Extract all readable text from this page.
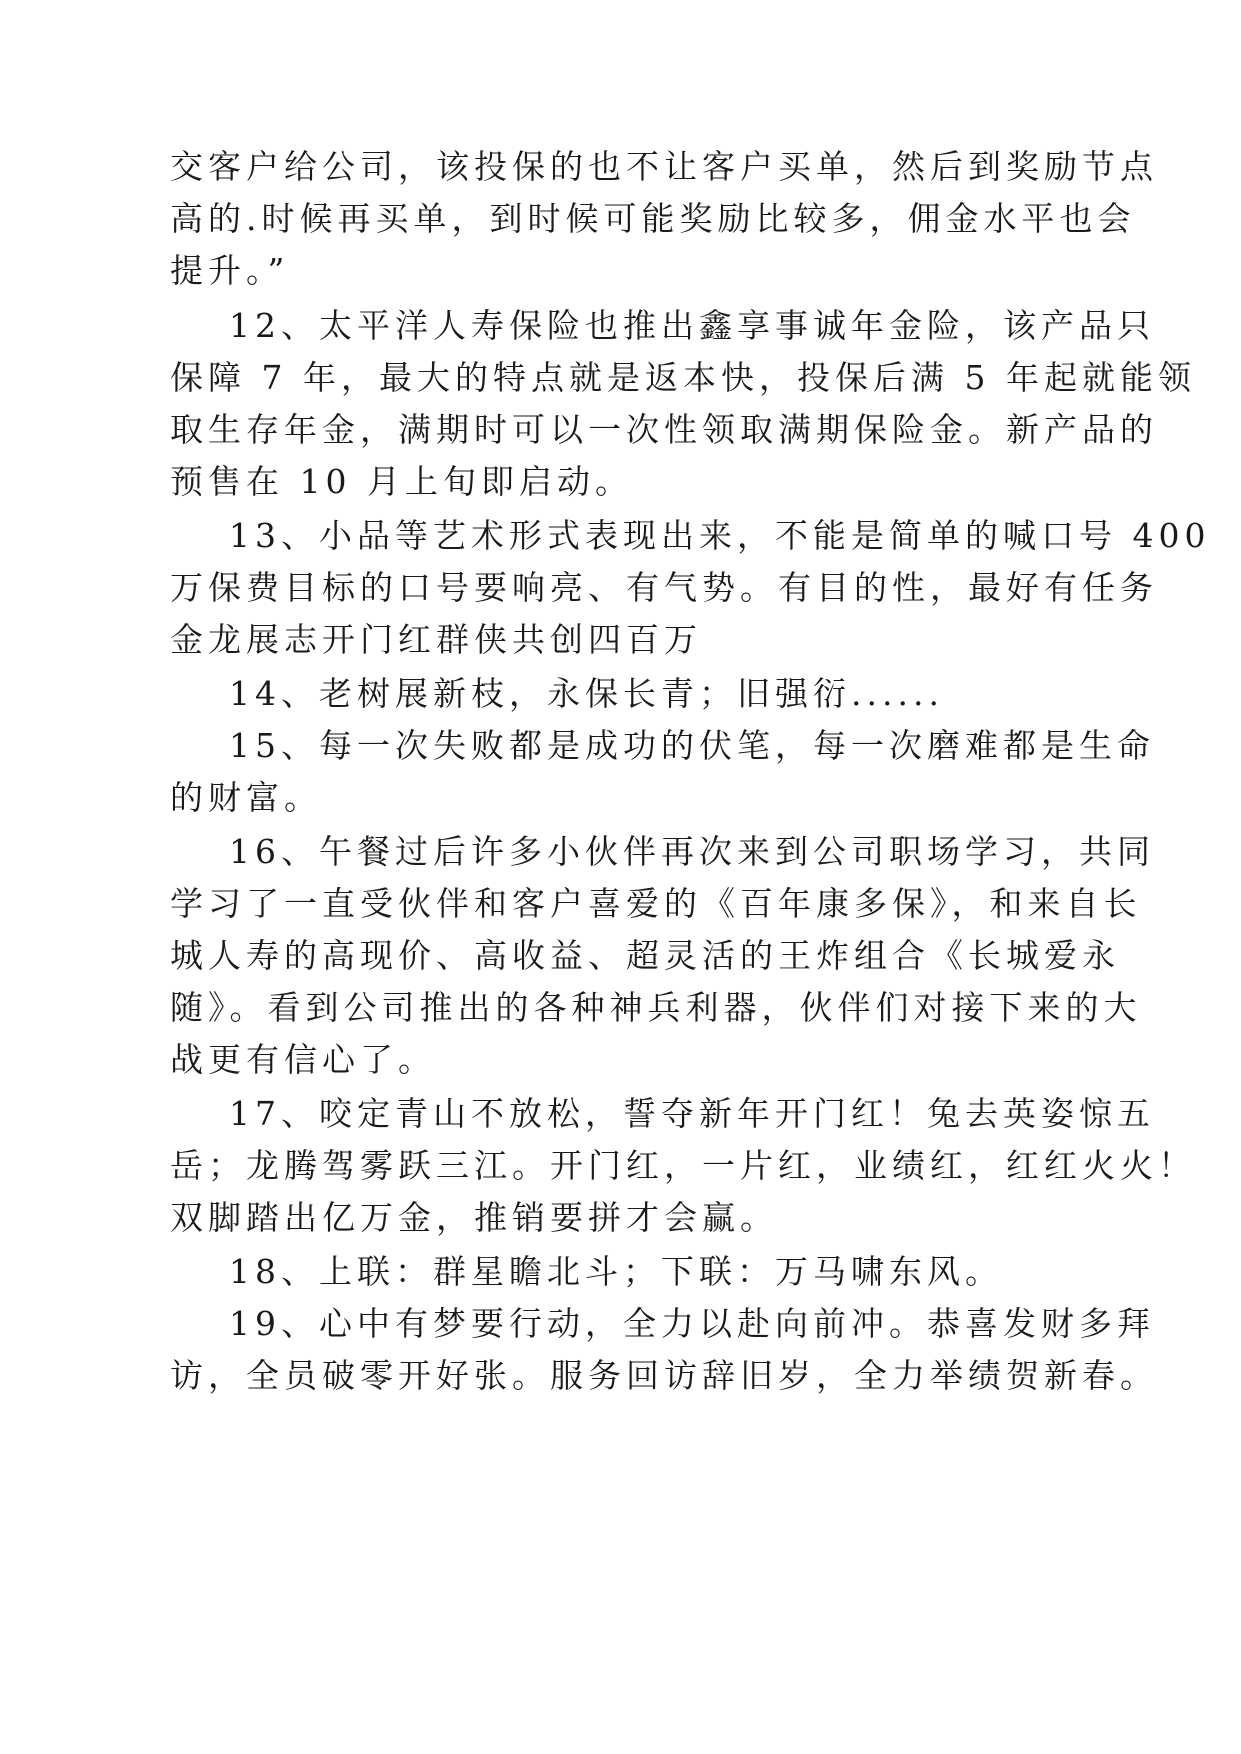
交客户给公司，该投保的也不让客户买单，然后到奖励节点
高的.时候再买单，到时候可能奖励比较多，佣金水平也会
提升。”
12、太平洋人寿保险也推出鑫享事诚年金险，该产品只
保障 7 年，最大的特点就是返本快，投保后满 5 年起就能领
取生存年金，满期时可以一次性领取满期保险金。新产品的
预售在 10 月上旬即启动。
13、小品等艺术形式表现出来，不能是简单的喊口号 400
万保费目标的口号要响亮、有气势。有目的性，最好有任务
金龙展志开门红群侠共创四百万
14、老树展新枝，永保长青；旧强衍......
15、每一次失败都是成功的伏笔，每一次磨难都是生命
的财富。
16、午餐过后许多小伙伴再次来到公司职场学习，共同
学习了一直受伙伴和客户喜爱的《百年康多保》，和来自长
城人寿的高现价、高收益、超灵活的王炸组合《长城爱永
随》。看到公司推出的各种神兵利器，伙伴们对接下来的大
战更有信心了。
17、咬定青山不放松，誓夺新年开门红！兔去英姿惊五
岳；龙腾驾雾跃三江。开门红，一片红，业绩红，红红火火！
双脚踏出亿万金，推销要拼才会赢。
18、上联：群星瞻北斗；下联：万马啸东风。
19、心中有梦要行动，全力以赴向前冲。恭喜发财多拜
访，全员破零开好张。服务回访辞旧岁，全力举绩贺新春。
